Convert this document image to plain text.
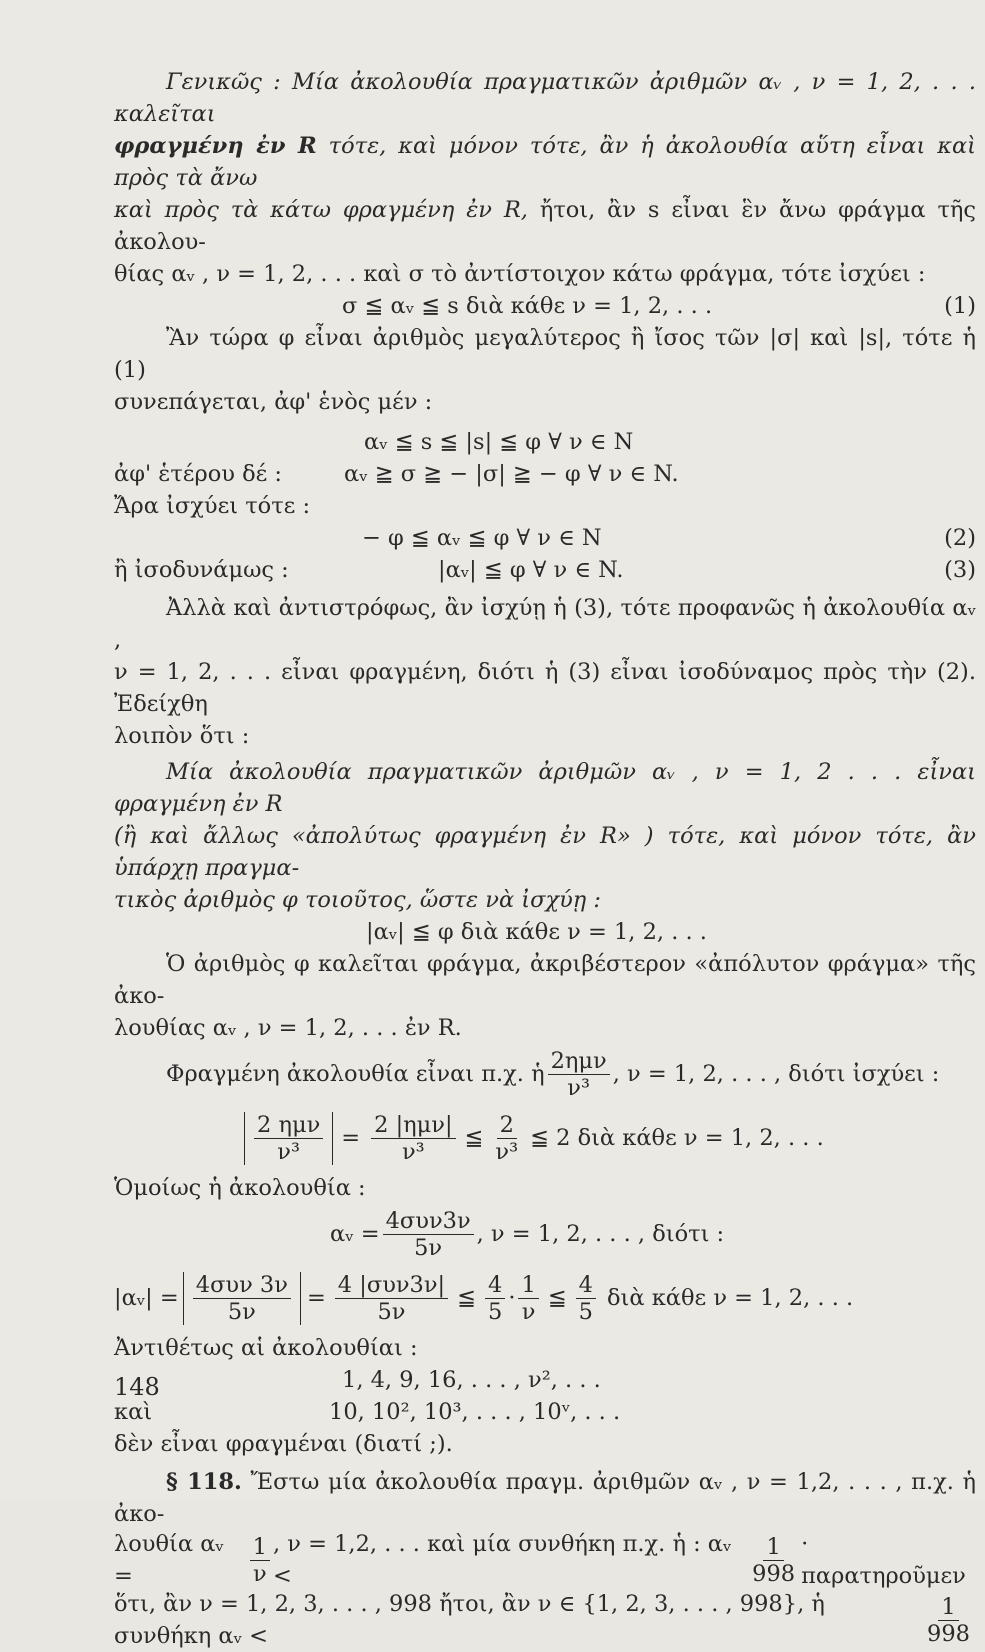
Γενικῶς : Μία ἀκολουθία πραγματικῶν ἀριθμῶν αᵥ , ν = 1, 2, . . . καλεῖται

φραγμένη ἐν R τότε, καὶ μόνον τότε, ἂν ἡ ἀκολουθία αὕτη εἶναι καὶ πρὸς τὰ ἄνω

καὶ πρὸς τὰ κάτω φραγμένη ἐν R, ἤτοι, ἂν s εἶναι ἓν ἄνω φράγμα τῆς ἀκολου-

θίας αᵥ , ν = 1, 2, . . . καὶ σ τὸ ἀντίστοιχον κάτω φράγμα, τότε ἰσχύει :

σ ≦ αᵥ ≦ s διὰ κάθε ν = 1, 2, . . .	(1)

Ἂν τώρα φ εἶναι ἀριθμὸς μεγαλύτερος ἢ ἴσος τῶν |σ| καὶ |s|, τότε ἡ (1)

συνεπάγεται, ἀφ' ἑνὸς μέν :

αᵥ ≦ s ≦ |s| ≦ φ ∀ ν ∈ N
ἀφ' ἑτέρου δέ :	αᵥ ≧ σ ≧ − |σ| ≧ − φ ∀ ν ∈ N.
Ἄρα ἰσχύει τότε :
− φ ≦ αᵥ ≦ φ ∀ ν ∈ N	(2)
ἢ ἰσοδυνάμως :	|αᵥ| ≦ φ ∀ ν ∈ N.	(3)

Ἀλλὰ καὶ ἀντιστρόφως, ἂν ἰσχύῃ ἡ (3), τότε προφανῶς ἡ ἀκολουθία αᵥ ,

ν = 1, 2, . . . εἶναι φραγμένη, διότι ἡ (3) εἶναι ἰσοδύναμος πρὸς τὴν (2). Ἐδείχθη

λοιπὸν ὅτι :

Μία ἀκολουθία πραγματικῶν ἀριθμῶν αᵥ , ν = 1, 2 . . . εἶναι φραγμένη ἐν R

(ἢ καὶ ἄλλως «ἀπολύτως φραγμένη ἐν R» ) τότε, καὶ μόνον τότε, ἂν ὑπάρχῃ πραγμα-

τικὸς ἀριθμὸς φ τοιοῦτος, ὥστε νὰ ἰσχύῃ :

|αᵥ| ≦ φ διὰ κάθε ν = 1, 2, . . .

Ὁ ἀριθμὸς φ καλεῖται φράγμα, ἀκριβέστερον «ἀπόλυτον φράγμα» τῆς ἀκο-

λουθίας αᵥ , ν = 1, 2, . . . ἐν R.

Φραγμένη ἀκολουθία εἶναι π.χ. ἡ $\frac{\text{2ημν}}{\text{ν³}}$ , ν = 1, 2, . . . , διότι ἰσχύει :
$\frac{\text{2 ημν}}{\text{ν³}} = \frac{\text{2 |ημν|}}{\text{ν³}}$ ≦ $\frac{2}{\text{ν³}}$ ≦ 2 διὰ κάθε ν = 1, 2, . . .

Ὁμοίως ἡ ἀκολουθία :

αᵥ = $\frac{\text{4συν3ν}}{5\nu}$ , ν = 1, 2, . . . , διότι :
|αᵥ| = $\frac{\text{4συν 3ν}}{5\nu} = \frac{\text{4 |συν3ν|}}{5\nu}$ ≦ $\frac{4}{5} \cdot \frac{1}{\nu}$ ≦ $\frac{4}{5}$ διὰ κάθε ν = 1, 2, . . .

Ἀντιθέτως αἱ ἀκολουθίαι :

1, 4, 9, 16, . . . , ν², . . .
καὶ	10, 10², 10³, . . . , 10ᵛ, . . .

δὲν εἶναι φραγμέναι (διατί ;).

§ 118. Ἔστω μία ἀκολουθία πραγμ. ἀριθμῶν αᵥ , ν = 1,2, . . . , π.χ. ἡ ἀκο-

λουθία αᵥ =	$\frac{1}{\nu}$ , ν = 1,2, . . . καὶ μία συνθήκη π.χ. ἡ : αᵥ <	$\frac{1}{998}$ · παρατηροῦμεν
ὅτι, ἂν ν = 1, 2, 3, . . . , 998 ἤτοι, ἂν ν ∈ {1, 2, 3, . . . , 998}, ἡ συνθήκη αᵥ <	$\frac{1}{998}$
148
